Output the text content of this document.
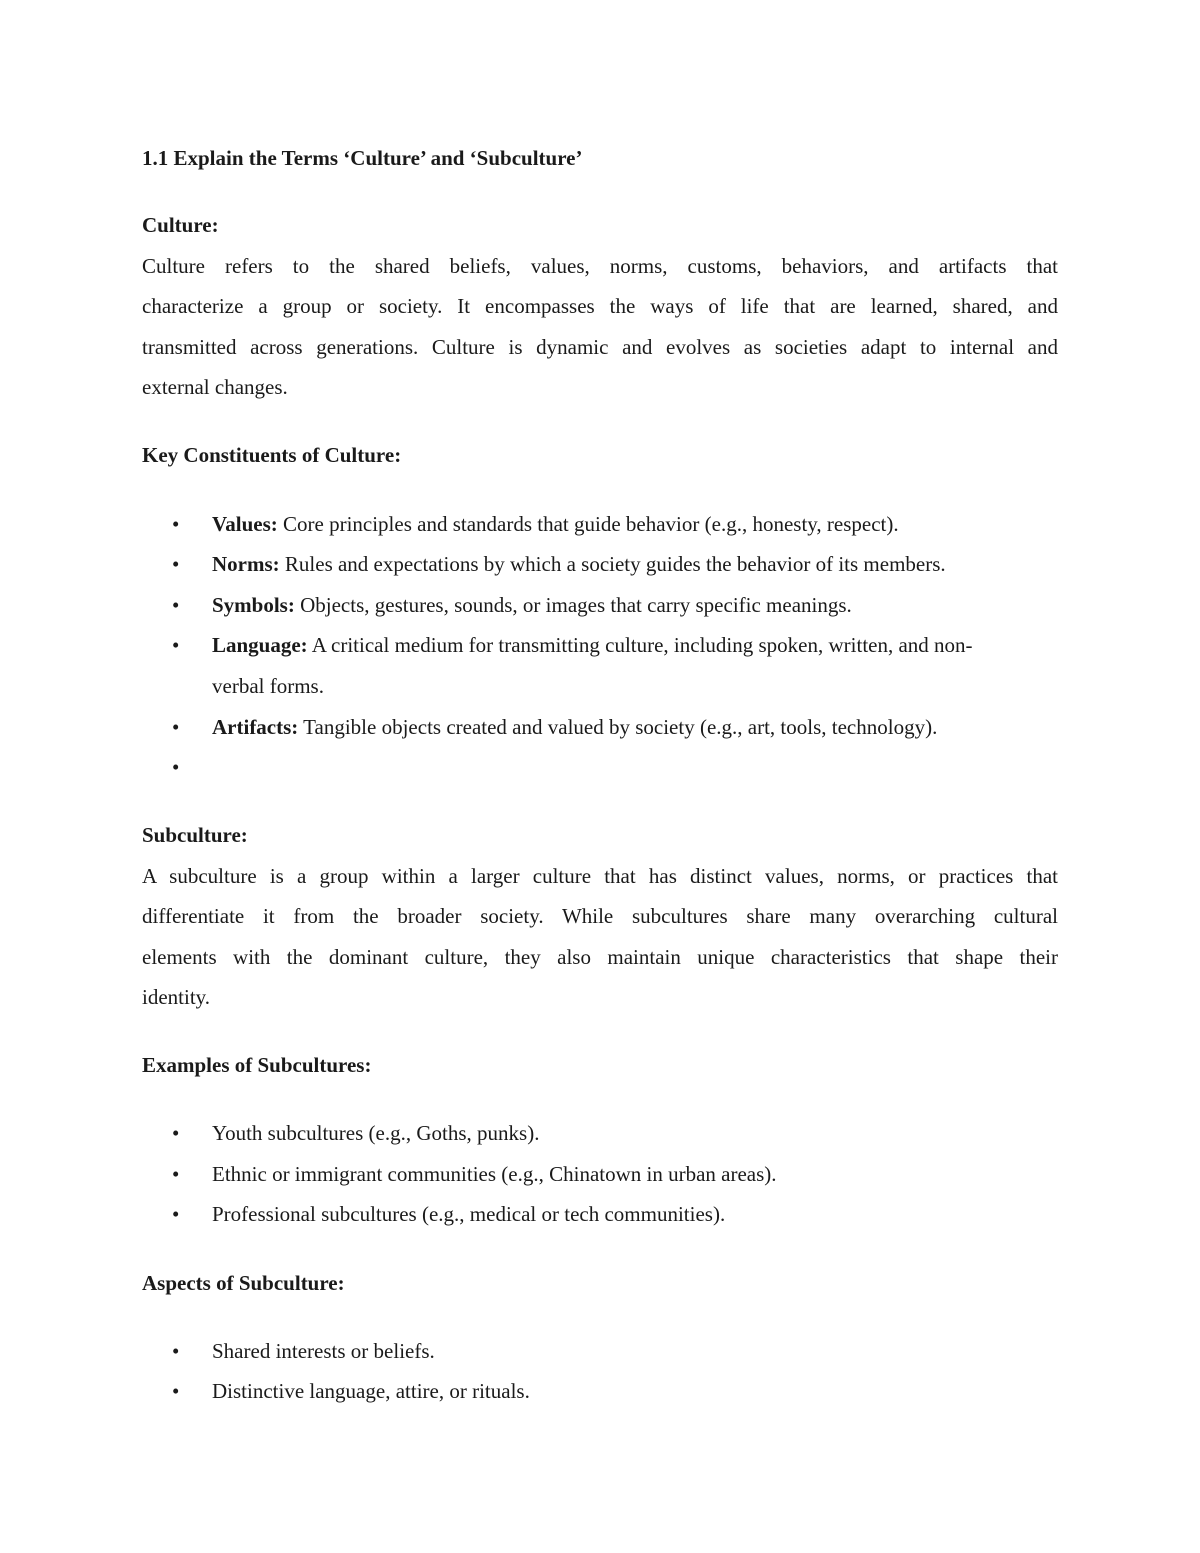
1.1 Explain the Terms ‘Culture’ and ‘Subculture’
Culture:
Culture refers to the shared beliefs, values, norms, customs, behaviors, and artifacts that
characterize a group or society. It encompasses the ways of life that are learned, shared, and
transmitted across generations. Culture is dynamic and evolves as societies adapt to internal and
external changes.
Key Constituents of Culture:
• Values: Core principles and standards that guide behavior (e.g., honesty, respect).
• Norms: Rules and expectations by which a society guides the behavior of its members.
• Symbols: Objects, gestures, sounds, or images that carry specific meanings.
• Language: A critical medium for transmitting culture, including spoken, written, and non-
verbal forms.
• Artifacts: Tangible objects created and valued by society (e.g., art, tools, technology).
•
Subculture:
A subculture is a group within a larger culture that has distinct values, norms, or practices that
differentiate it from the broader society. While subcultures share many overarching cultural
elements with the dominant culture, they also maintain unique characteristics that shape their
identity.
Examples of Subcultures:
• Youth subcultures (e.g., Goths, punks).
• Ethnic or immigrant communities (e.g., Chinatown in urban areas).
• Professional subcultures (e.g., medical or tech communities).
Aspects of Subculture:
• Shared interests or beliefs.
• Distinctive language, attire, or rituals.
